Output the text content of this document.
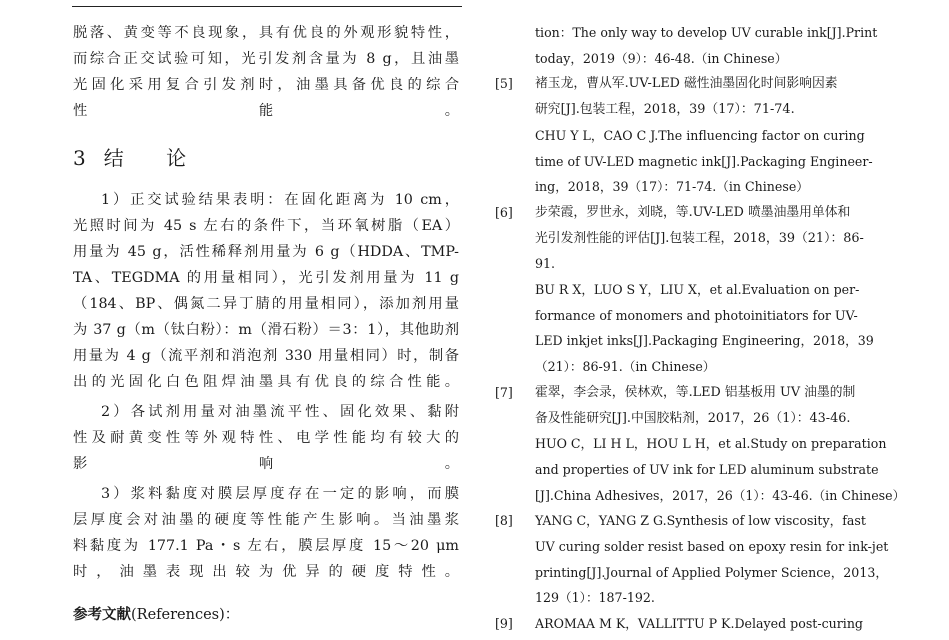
脱落、黄变等不良现象，具有优良的外观形貌特性，
而综合正交试验可知，光引发剂含量为 8 g，且油墨
光固化采用复合引发剂时，油墨具备优良的综合
性能。
3 结 论
1）正交试验结果表明：在固化距离为 10 cm，
光照时间为 45 s 左右的条件下，当环氧树脂（EA）
用量为 45 g，活性稀释剂用量为 6 g（HDDA、TMP-
TA、TEGDMA 的用量相同），光引发剂用量为 11 g
（184、BP、偶氮二异丁腈的用量相同），添加剂用量
为 37 g（m（钛白粉）：m（滑石粉）＝3：1），其他助剂
用量为 4 g（流平剂和消泡剂 330 用量相同）时，制备
出的光固化白色阻焊油墨具有优良的综合性能。
2）各试剂用量对油墨流平性、固化效果、黏附
性及耐黄变性等外观特性、电学性能均有较大的
影响。
3）浆料黏度对膜层厚度存在一定的影响，而膜
层厚度会对油墨的硬度等性能产生影响。当油墨浆
料黏度为 177.1 Pa・s 左右，膜层厚度 15～20 μm
时，油墨表现出较为优异的硬度特性。
参考文献(References)：
tion：The only way to develop UV curable ink[J].Print
today，2019（9）：46-48.（in Chinese）
[5] 褚玉龙，曹从军.UV-LED 磁性油墨固化时间影响因素
研究[J].包装工程，2018，39（17）：71-74.
CHU Y L，CAO C J.The influencing factor on curing
time of UV-LED magnetic ink[J].Packaging Engineer-
ing，2018，39（17）：71-74.（in Chinese）
[6] 步荣霞，罗世永，刘晓，等.UV-LED 喷墨油墨用单体和
光引发剂性能的评估[J].包装工程，2018，39（21）：86-
91.
BU R X，LUO S Y，LIU X，et al.Evaluation on per-
formance of monomers and photoinitiators for UV-
LED inkjet inks[J].Packaging Engineering，2018，39
（21）：86-91.（in Chinese）
[7] 霍翠，李会录，侯林欢，等.LED 铝基板用 UV 油墨的制
备及性能研究[J].中国胶粘剂，2017，26（1）：43-46.
HUO C，LI H L，HOU L H，et al.Study on preparation
and properties of UV ink for LED aluminum substrate
[J].China Adhesives，2017，26（1）：43-46.（in Chinese）
[8] YANG C，YANG Z G.Synthesis of low viscosity，fast
UV curing solder resist based on epoxy resin for ink-jet
printing[J].Journal of Applied Polymer Science，2013，
129（1）：187-192.
[9] AROMAA M K，VALLITTU P K.Delayed post-curing
